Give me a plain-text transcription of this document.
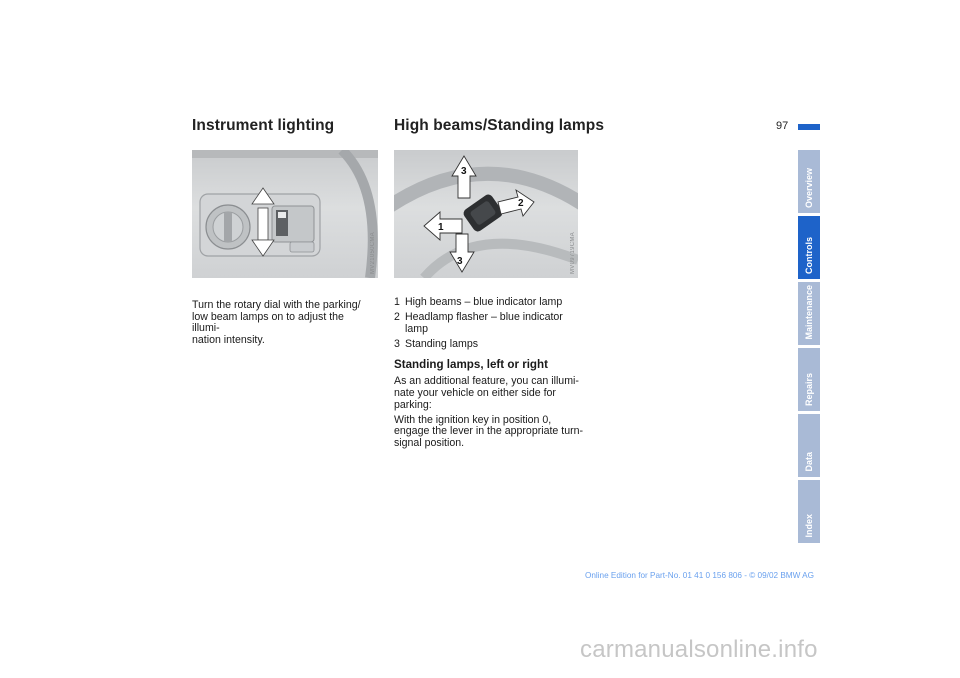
Instrument lighting	High beams/Standing lamps	97
MV21050CMA
1
2
3
3	MV09719CMA
Turn the rotary dial with the parking/
low beam lamps on to adjust the illumi-
nation intensity.
1 High beams – blue indicator lamp
2 Headlamp flasher – blue indicator lamp
3 Standing lamps
Standing lamps, left or right

As an additional feature, you can illumi-nate your vehicle on either side for parking:

With the ignition key in position 0, engage the lever in the appropriate turn-signal position.

Overview
Controls
Maintenance
Repairs
Data
Index
Online Edition for Part-No. 01 41 0 156 806 - © 09/02 BMW AG
carmanualsonline.info
